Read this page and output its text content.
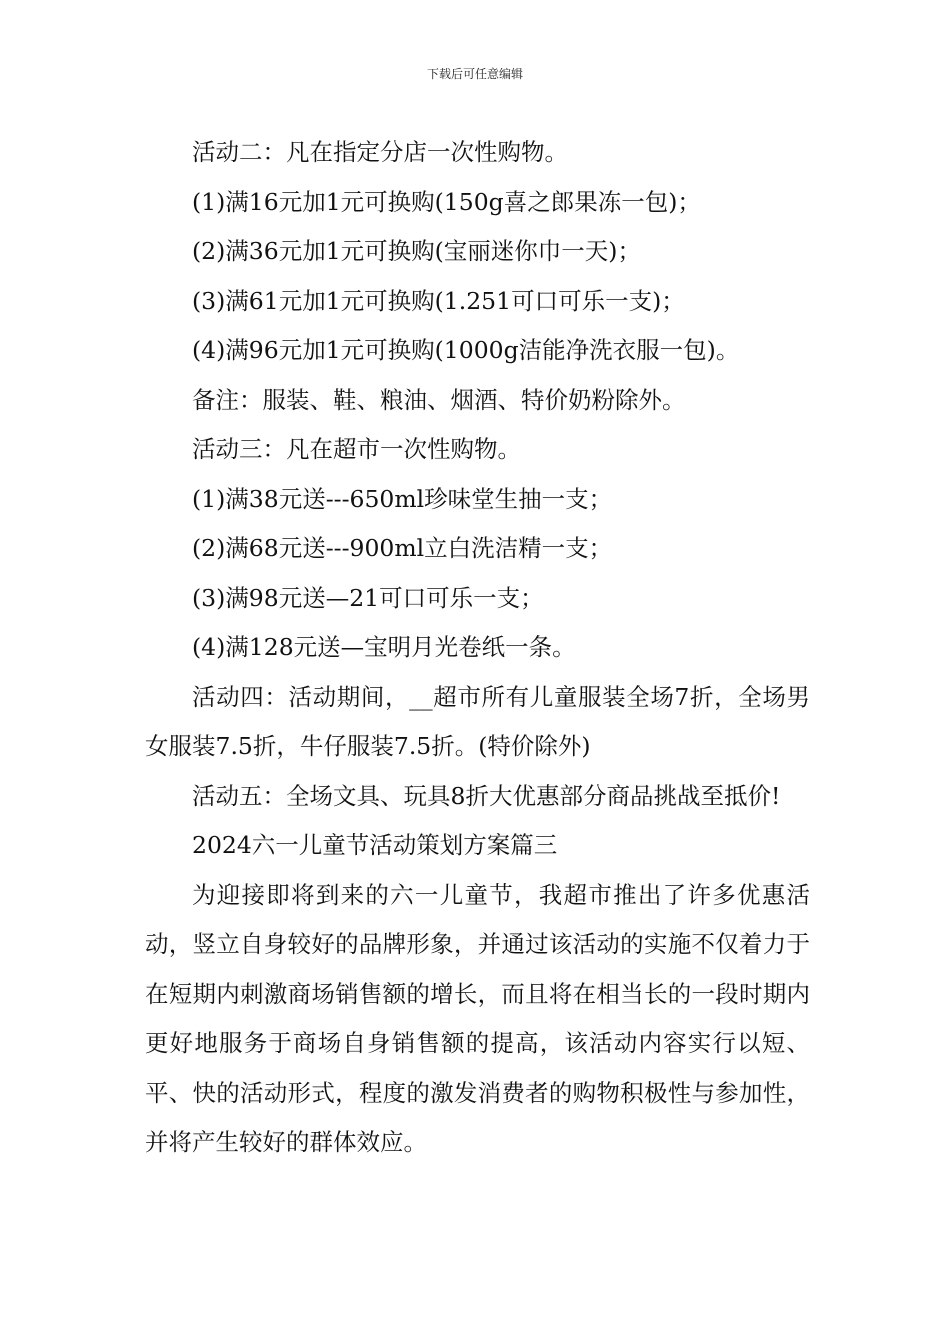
下载后可任意编辑

活动二：凡在指定分店一次性购物。

(1)满16元加1元可换购(150g喜之郎果冻一包)；

(2)满36元加1元可换购(宝丽迷你巾一天)；

(3)满61元加1元可换购(1.251可口可乐一支)；

(4)满96元加1元可换购(1000g洁能净洗衣服一包)。

备注：服装、鞋、粮油、烟酒、特价奶粉除外。

活动三：凡在超市一次性购物。

(1)满38元送---650ml珍味堂生抽一支；

(2)满68元送---900ml立白洗洁精一支；

(3)满98元送—21可口可乐一支；

(4)满128元送—宝明月光卷纸一条。

活动四：活动期间，__超市所有儿童服装全场7折，全场男女服装7.5折，牛仔服装7.5折。(特价除外)

活动五：全场文具、玩具8折大优惠部分商品挑战至抵价!

2024六一儿童节活动策划方案篇三

为迎接即将到来的六一儿童节，我超市推出了许多优惠活动，竖立自身较好的品牌形象，并通过该活动的实施不仅着力于在短期内刺激商场销售额的增长，而且将在相当长的一段时期内更好地服务于商场自身销售额的提高，该活动内容实行以短、平、快的活动形式，程度的激发消费者的购物积极性与参加性，并将产生较好的群体效应。
